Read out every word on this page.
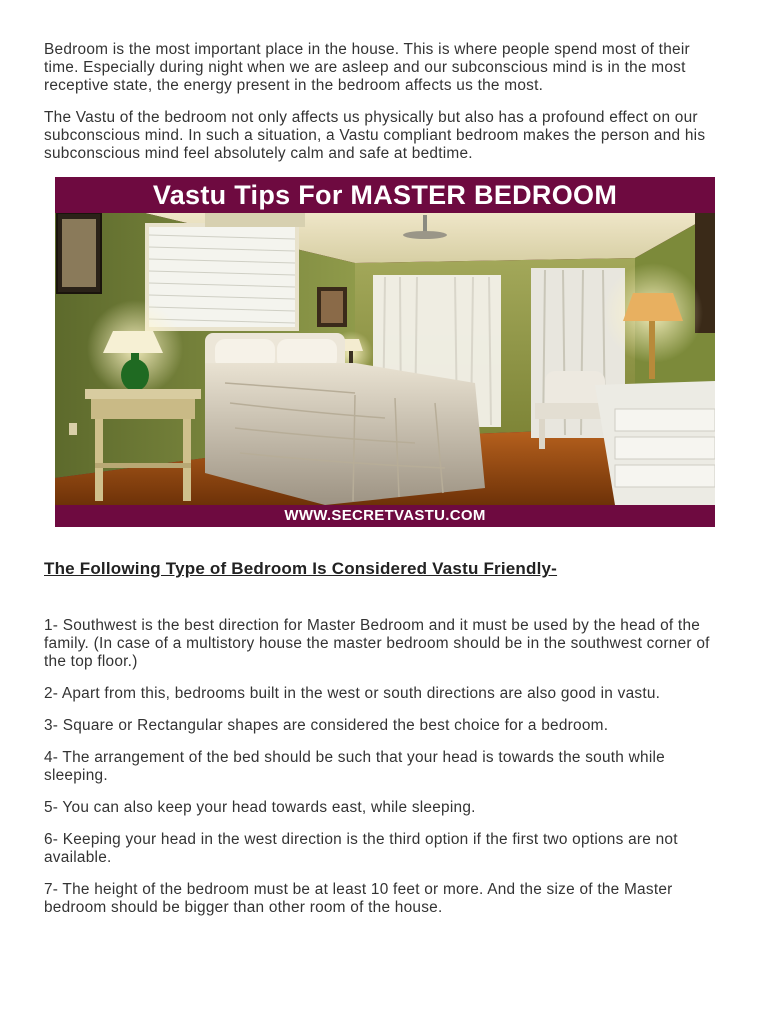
Bedroom is the most important place in the house. This is where people spend most of their time. Especially during night when we are asleep and our subconscious mind is in the most receptive state, the energy present in the bedroom affects us the most.

The Vastu of the bedroom not only affects us physically but also has a profound effect on our subconscious mind. In such a situation, a Vastu compliant bedroom makes the person and his subconscious mind feel absolutely calm and safe at bedtime.

Vastu Tips For MASTER BEDROOM
WWW.SECRETVASTU.COM
The Following Type of Bedroom Is Considered Vastu Friendly-

1- Southwest is the best direction for Master Bedroom and it must be used by the head of the family. (In case of a multistory house the master bedroom should be in the southwest corner of the top floor.)

2- Apart from this, bedrooms built in the west or south directions are also good in vastu.

3- Square or Rectangular shapes are considered the best choice for a bedroom.

4- The arrangement of the bed should be such that your head is towards the south while sleeping.

5- You can also keep your head towards east, while sleeping.

6- Keeping your head in the west direction is the third option if the first two options are not available.

7- The height of the bedroom must be at least 10 feet or more. And the size of the Master bedroom should be bigger than other room of the house.
